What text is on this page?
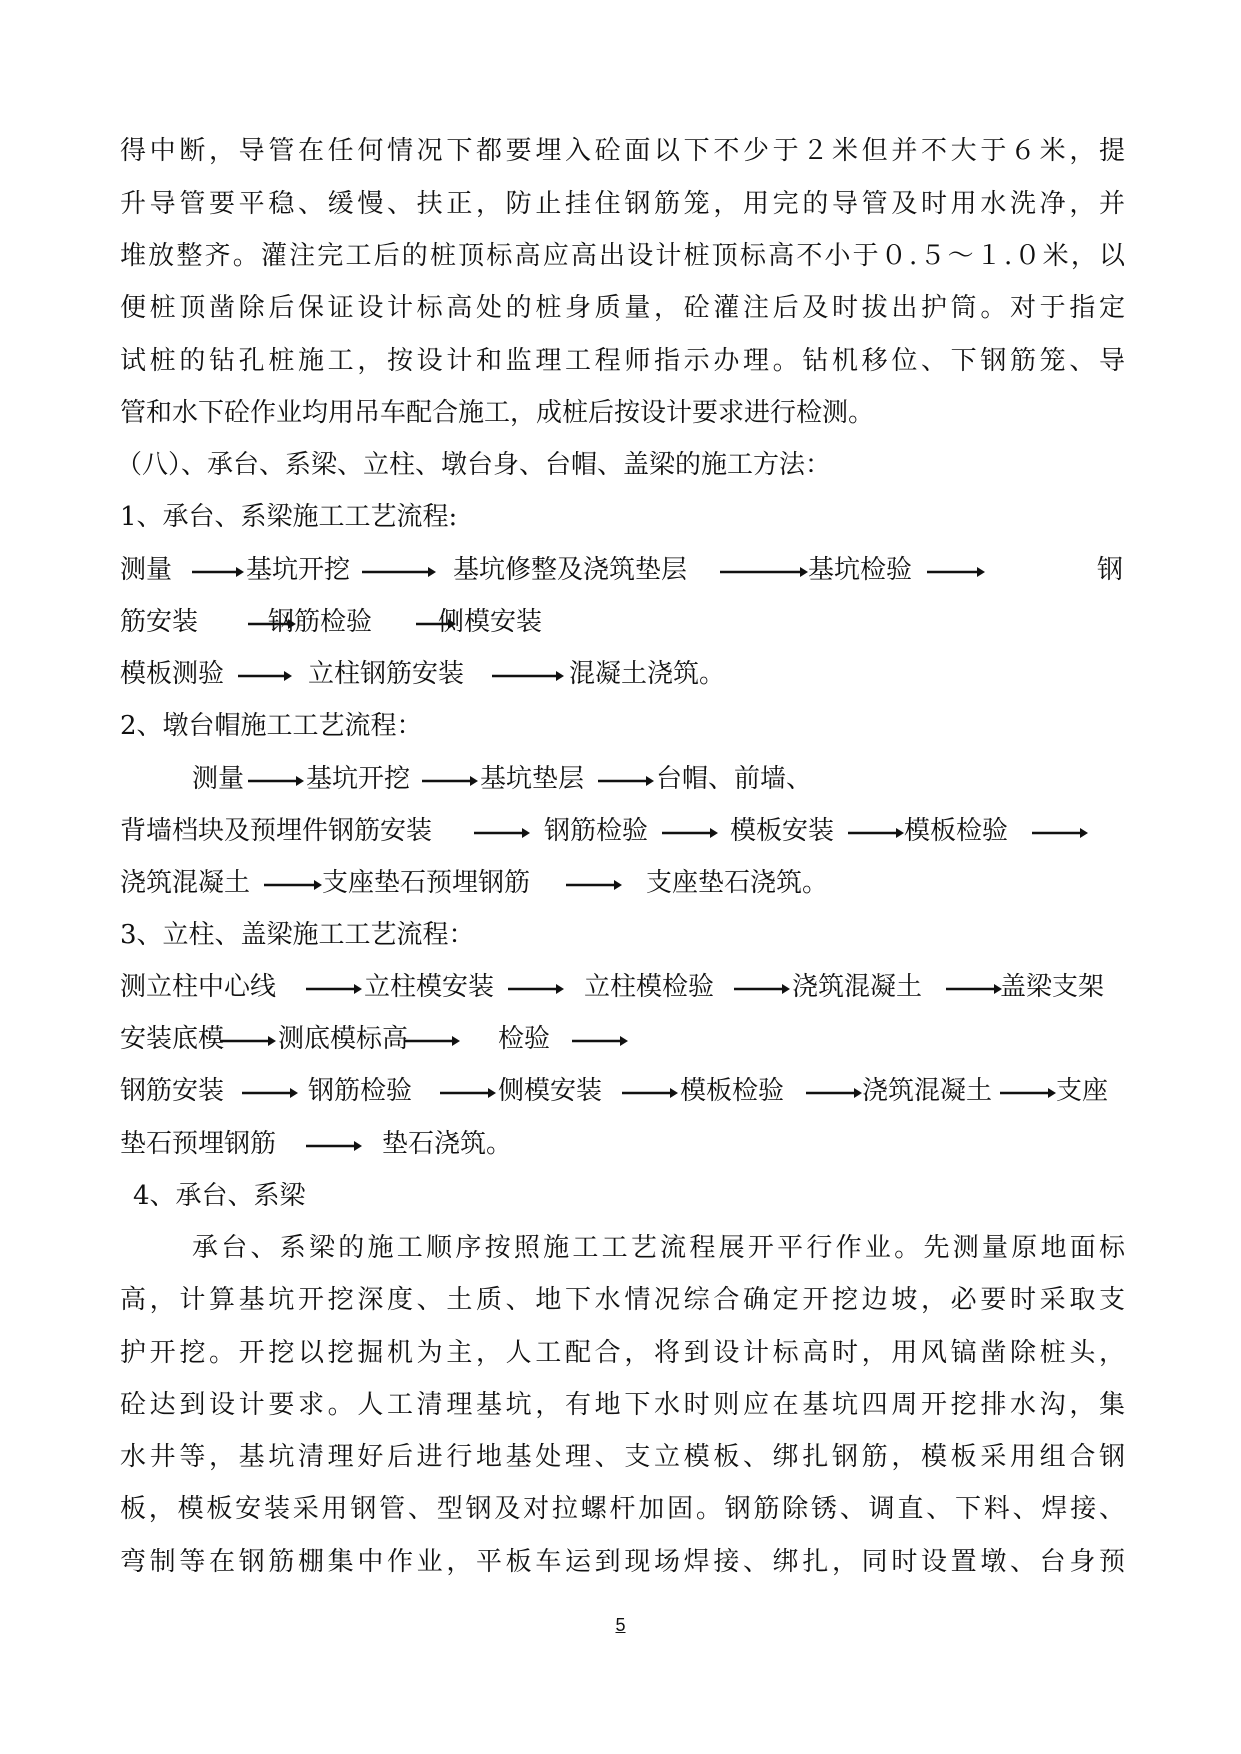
得中断，导管在任何情况下都要埋入砼面以下不少于２米但并不大于６米，提
升导管要平稳、缓慢、扶正，防止挂住钢筋笼，用完的导管及时用水洗净，并
堆放整齐。灌注完工后的桩顶标高应高出设计桩顶标高不小于０.５～１.０米，以
便桩顶凿除后保证设计标高处的桩身质量，砼灌注后及时拔出护筒。对于指定
试桩的钻孔桩施工，按设计和监理工程师指示办理。钻机移位、下钢筋笼、导
管和水下砼作业均用吊车配合施工，成桩后按设计要求进行检测。
（八）、承台、系梁、立柱、墩台身、台帽、盖梁的施工方法：
1、承台、系梁施工工艺流程:
测量	基坑开挖	基坑修整及浇筑垫层	基坑检验	钢
筋安装	钢筋检验	侧模安装
模板测验	立柱钢筋安装	混凝土浇筑。
2、墩台帽施工工艺流程：
测量 基坑开挖	基坑垫层	台帽、前墙、
背墙档块及预埋件钢筋安装	钢筋检验	模板安装	模板检验
浇筑混凝土	支座垫石预埋钢筋	支座垫石浇筑。
3、立柱、盖梁施工工艺流程：
测立柱中心线	立柱模安装	立柱模检验	浇筑混凝土	盖梁支架
安装底模 测底模标高	检验
钢筋安装	钢筋检验	侧模安装	模板检验	浇筑混凝土 支座
垫石预埋钢筋	垫石浇筑。
4、承台、系梁
承台、系梁的施工顺序按照施工工艺流程展开平行作业。先测量原地面标
高，计算基坑开挖深度、土质、地下水情况综合确定开挖边坡，必要时采取支
护开挖。开挖以挖掘机为主，人工配合，将到设计标高时，用风镐凿除桩头，
砼达到设计要求。人工清理基坑，有地下水时则应在基坑四周开挖排水沟，集
水井等，基坑清理好后进行地基处理、支立模板、绑扎钢筋，模板采用组合钢
板，模板安装采用钢管、型钢及对拉螺杆加固。钢筋除锈、调直、下料、焊接、
弯制等在钢筋棚集中作业，平板车运到现场焊接、绑扎，同时设置墩、台身预
5
